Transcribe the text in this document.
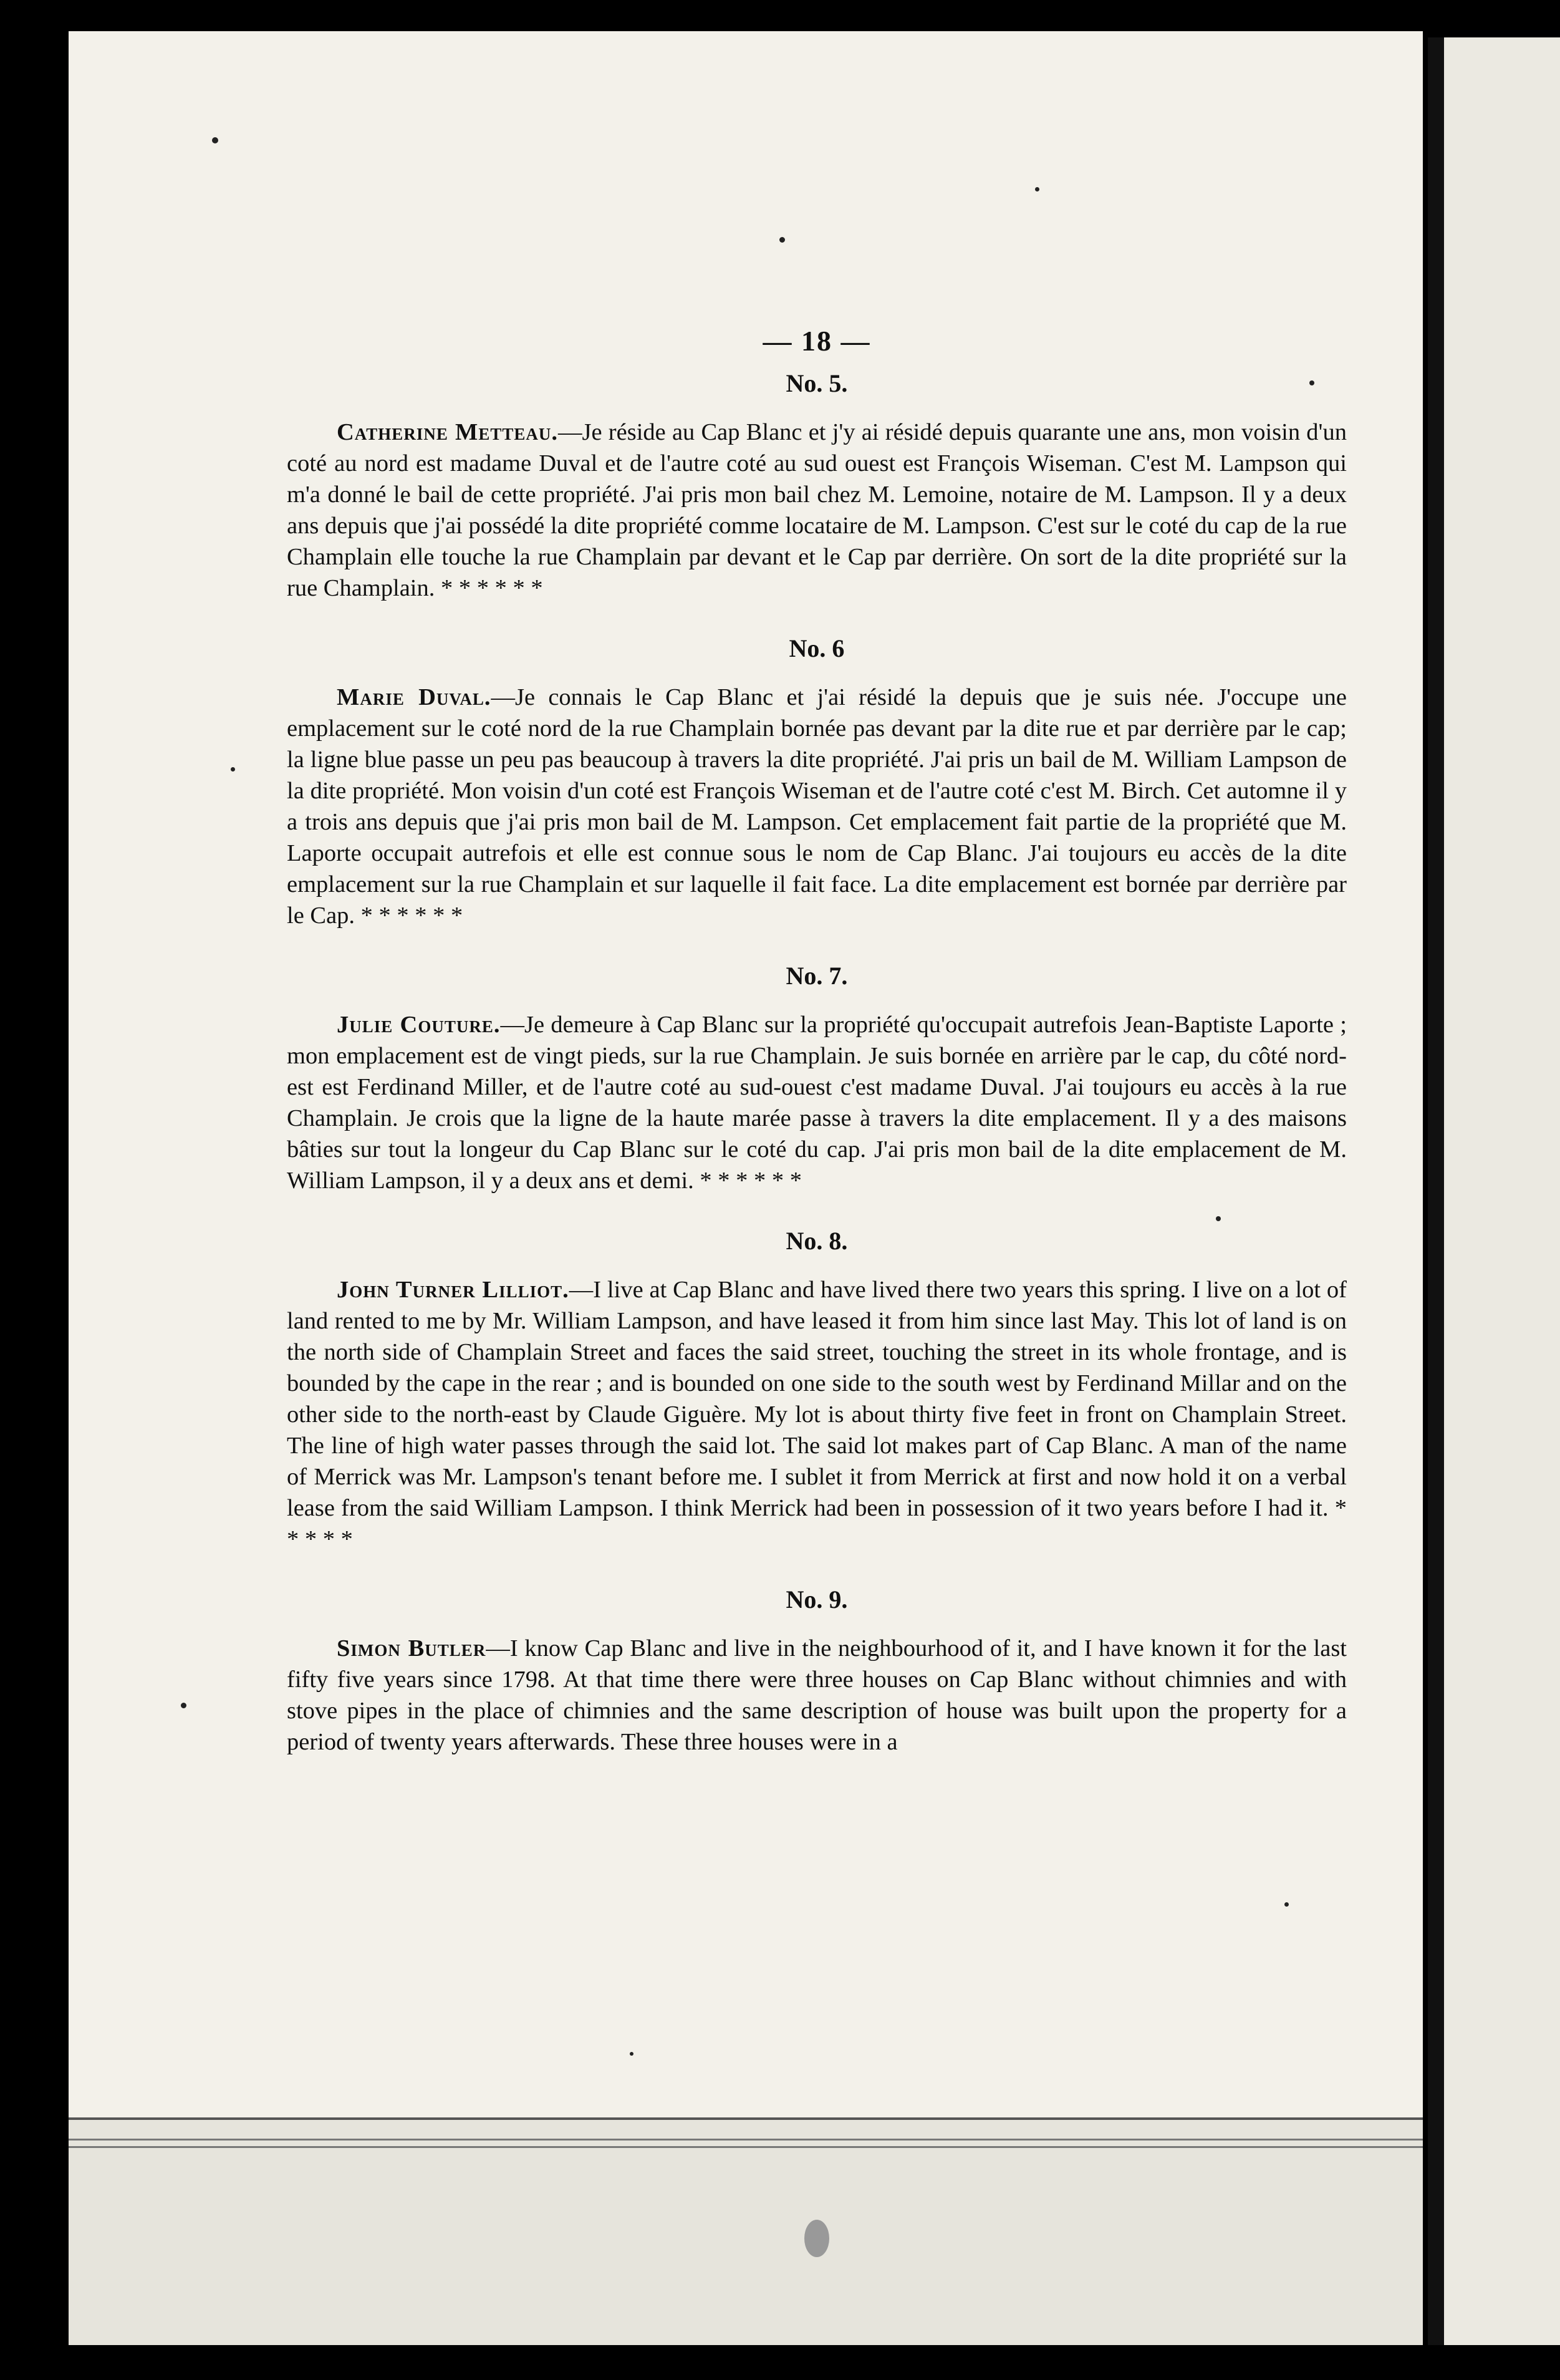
— 18 —
No. 5.

Catherine Metteau.—Je réside au Cap Blanc et j'y ai résidé depuis quarante une ans, mon voisin d'un coté au nord est madame Duval et de l'autre coté au sud ouest est François Wiseman. C'est M. Lampson qui m'a donné le bail de cette propriété. J'ai pris mon bail chez M. Lemoine, notaire de M. Lampson. Il y a deux ans depuis que j'ai possédé la dite propriété comme locataire de M. Lampson. C'est sur le coté du cap de la rue Champlain elle touche la rue Champlain par devant et le Cap par derrière. On sort de la dite propriété sur la rue Champlain. * * * * * *

No. 6

Marie Duval.—Je connais le Cap Blanc et j'ai résidé la depuis que je suis née. J'occupe une emplacement sur le coté nord de la rue Champlain bornée pas devant par la dite rue et par derrière par le cap; la ligne blue passe un peu pas beaucoup à travers la dite propriété. J'ai pris un bail de M. William Lampson de la dite propriété. Mon voisin d'un coté est François Wiseman et de l'autre coté c'est M. Birch. Cet automne il y a trois ans depuis que j'ai pris mon bail de M. Lampson. Cet emplacement fait partie de la propriété que M. Laporte occupait autrefois et elle est connue sous le nom de Cap Blanc. J'ai toujours eu accès de la dite emplacement sur la rue Champlain et sur laquelle il fait face. La dite emplacement est bornée par derrière par le Cap. * * * * * *

No. 7.

Julie Couture.—Je demeure à Cap Blanc sur la propriété qu'occupait autrefois Jean-Baptiste Laporte ; mon emplacement est de vingt pieds, sur la rue Champlain. Je suis bornée en arrière par le cap, du côté nord-est est Ferdinand Miller, et de l'autre coté au sud-ouest c'est madame Duval. J'ai toujours eu accès à la rue Champlain. Je crois que la ligne de la haute marée passe à travers la dite emplacement. Il y a des maisons bâties sur tout la longeur du Cap Blanc sur le coté du cap. J'ai pris mon bail de la dite emplacement de M. William Lampson, il y a deux ans et demi. * * * * * *

No. 8.

John Turner Lilliot.—I live at Cap Blanc and have lived there two years this spring. I live on a lot of land rented to me by Mr. William Lampson, and have leased it from him since last May. This lot of land is on the north side of Champlain Street and faces the said street, touching the street in its whole frontage, and is bounded by the cape in the rear ; and is bounded on one side to the south west by Ferdinand Millar and on the other side to the north-east by Claude Giguère. My lot is about thirty five feet in front on Champlain Street. The line of high water passes through the said lot. The said lot makes part of Cap Blanc. A man of the name of Merrick was Mr. Lampson's tenant before me. I sublet it from Merrick at first and now hold it on a verbal lease from the said William Lampson. I think Merrick had been in possession of it two years before I had it. * * * * *

No. 9.

Simon Butler—I know Cap Blanc and live in the neighbourhood of it, and I have known it for the last fifty five years since 1798. At that time there were three houses on Cap Blanc without chimnies and with stove pipes in the place of chimnies and the same description of house was built upon the property for a period of twenty years afterwards. These three houses were in a
